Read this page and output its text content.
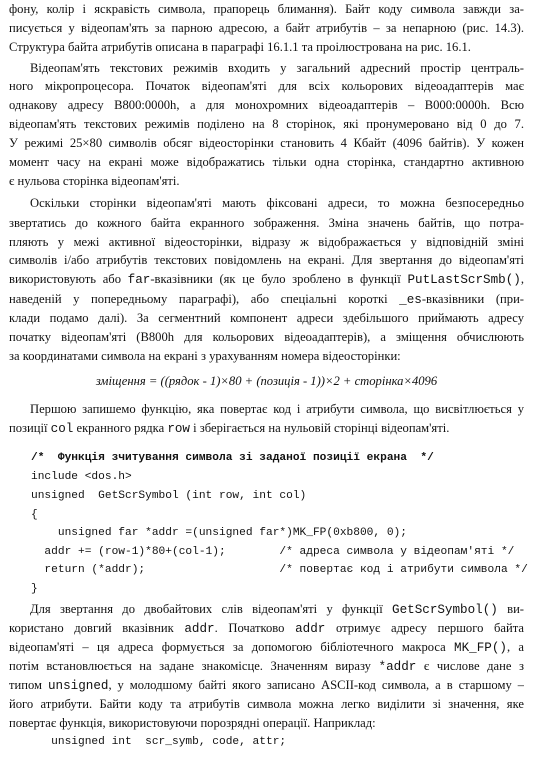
фону, колір і яскравість символа, прапорець блимання). Байт коду символа завжди за-
писується у відеопам'ять за парною адресою, а байт атрибутів – за непарною (рис. 14.3).
Структура байта атрибутів описана в параграфі 16.1.1 та проілюстрована на рис. 16.1.
Відеопам'ять текстових режимів входить у загальний адресний простір централь-
ного мікропроцесора. Початок відеопам'яті для всіх кольорових відеоадаптерів має
однакову адресу B800:0000h, а для монохромних відеоадаптерів – B000:0000h. Всю
відеопам'ять текстових режимів поділено на 8 сторінок, які пронумеровано від 0 до 7.
У режимі 25×80 символів обсяг відеосторінки становить 4 Кбайт (4096 байтів). У кожен
момент часу на екрані може відображатись тільки одна сторінка, стандартно активною
є нульова сторінка відеопам'яті.
Оскільки сторінки відеопам'яті мають фіксовані адреси, то можна безпосередньо
звертатись до кожного байта екранного зображення. Зміна значень байтів, що потра-
пляють у межі активної відеосторінки, відразу ж відображається у відповідній зміні
символів і/або атрибутів текстових повідомлень на екрані. Для звертання до відеопам'яті
використовують або far-вказівники (як це було зроблено в функції PutLastScrSmb(),
наведеній у попередньому параграфі), або спеціальні короткі _es-вказівники (при-
клади подамо далі). За сегментний компонент адреси здебільшого приймають адресу
початку відеопам'яті (B800h для кольорових відеоадаптерів), а зміщення обчислюють
за координатами символа на екрані з урахуванням номера відеосторінки:
зміщення = ((рядок - 1)×80 + (позиція - 1))×2 + сторінка×4096
Першою запишемо функцію, яка повертає код і атрибути символа, що висвітлюється у
позиції col екранного рядка row і зберігається на нульовій сторінці відеопам'яті.
/*  Функція зчитування символа зі заданої позиції екрана  */
include <dos.h>
unsigned  GetScrSymbol (int row, int col)
{
unsigned far *addr =(unsigned far*)MK_FP(0xb800, 0);
addr += (row-1)*80+(col-1);        /* адреса символа у відеопам'яті */
return (*addr);                    /* повертає код і атрибути символа */
}
Для звертання до двобайтових слів відеопам'яті у функції GetScrSymbol() ви-
користано довгий вказівник addr. Початково addr отримує адресу першого байта
відеопам'яті – ця адреса формується за допомогою бібліотечного макроса MK_FP(), а
потім встановлюється на задане знакомісце. Значенням виразу *addr є числове дане з
типом unsigned, у молодшому байті якого записано ASCII-код символа, а в старшому –
його атрибути. Байти коду та атрибутів символа можна легко виділити зі значення, яке
повертає функція, використовуючи порозрядні операції. Наприклад:
unsigned int  scr_symb, code, attr;
